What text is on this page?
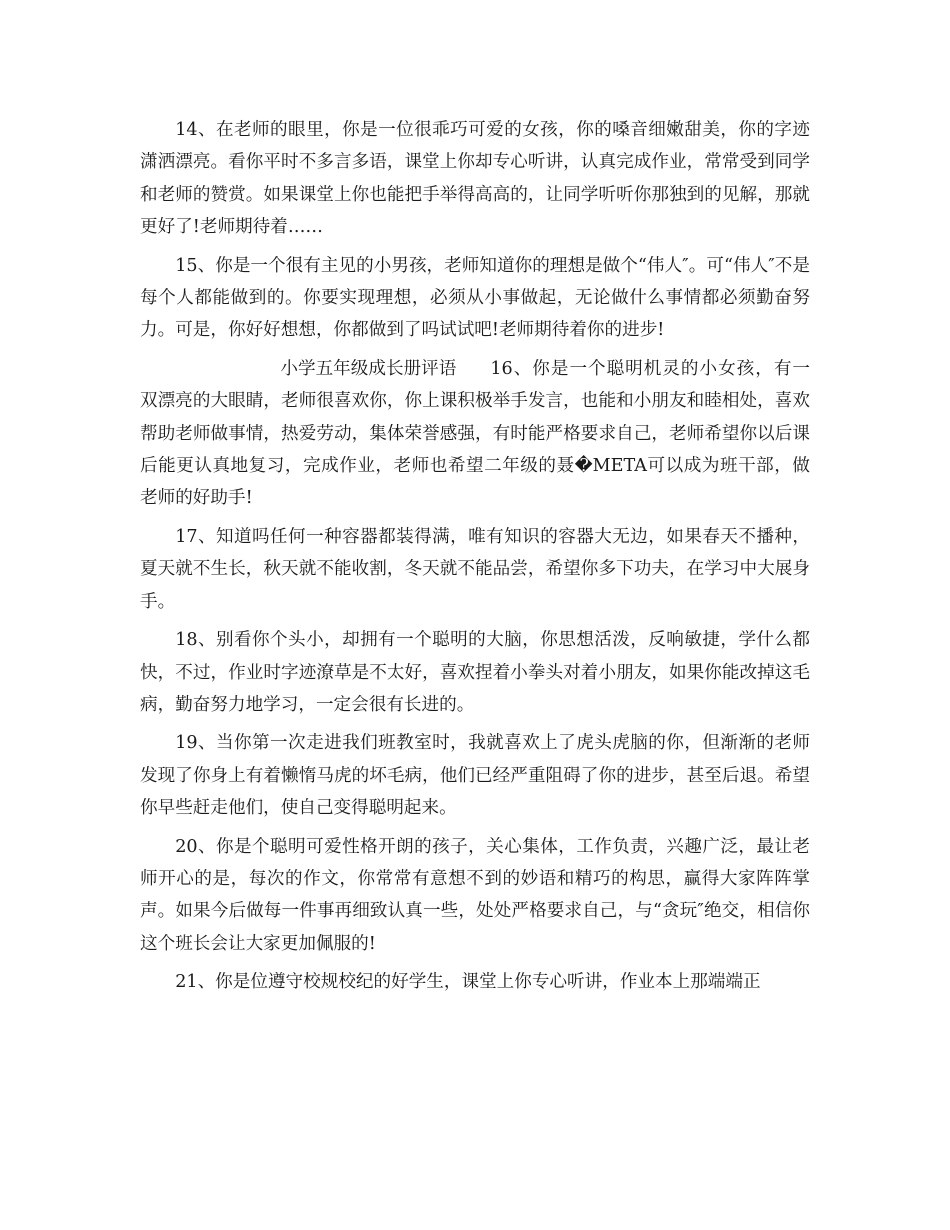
14、在老师的眼里，你是一位很乖巧可爱的女孩，你的嗓音细嫩甜美，你的字迹潇洒漂亮。看你平时不多言多语，课堂上你却专心听讲，认真完成作业，常常受到同学和老师的赞赏。如果课堂上你也能把手举得高高的，让同学听听你那独到的见解，那就更好了!老师期待着……

15、你是一个很有主见的小男孩，老师知道你的理想是做个“伟人″。可“伟人″不是每个人都能做到的。你要实现理想，必须从小事做起，无论做什么事情都必须勤奋努力。可是，你好好想想，你都做到了吗试试吧!老师期待着你的进步!

小学五年级成长册评语 16、你是一个聪明机灵的小女孩，有一双漂亮的大眼睛，老师很喜欢你，你上课积极举手发言，也能和小朋友和睦相处，喜欢帮助老师做事情，热爱劳动，集体荣誉感强，有时能严格要求自己，老师希望你以后课后能更认真地复习，完成作业，老师也希望二年级的聂�META可以成为班干部，做老师的好助手!

17、知道吗任何一种容器都装得满，唯有知识的容器大无边，如果春天不播种，夏天就不生长，秋天就不能收割，冬天就不能品尝，希望你多下功夫，在学习中大展身手。

18、别看你个头小，却拥有一个聪明的大脑，你思想活泼，反响敏捷，学什么都快，不过，作业时字迹潦草是不太好，喜欢捏着小拳头对着小朋友，如果你能改掉这毛病，勤奋努力地学习，一定会很有长进的。

19、当你第一次走进我们班教室时，我就喜欢上了虎头虎脑的你，但渐渐的老师发现了你身上有着懒惰马虎的坏毛病，他们已经严重阻碍了你的进步，甚至后退。希望你早些赶走他们，使自己变得聪明起来。

20、你是个聪明可爱性格开朗的孩子，关心集体，工作负责，兴趣广泛，最让老师开心的是，每次的作文，你常常有意想不到的妙语和精巧的构思，赢得大家阵阵掌声。如果今后做每一件事再细致认真一些，处处严格要求自己，与“贪玩″绝交，相信你这个班长会让大家更加佩服的!

21、你是位遵守校规校纪的好学生，课堂上你专心听讲，作业本上那端端正
